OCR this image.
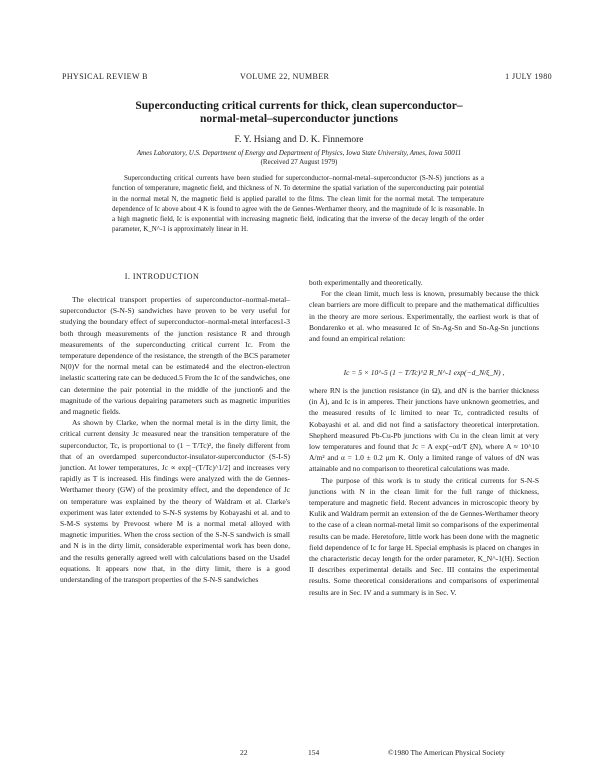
PHYSICAL REVIEW B	VOLUME 22, NUMBER	1 JULY 1980
Superconducting critical currents for thick, clean superconductor–
normal-metal–superconductor junctions
F. Y. Hsiang and D. K. Finnemore
Ames Laboratory, U.S. Department of Energy and Department of Physics, Iowa State University, Ames, Iowa 50011
(Received 27 August 1979)
Superconducting critical currents have been studied for superconductor–normal-metal–superconductor (S-N-S) junctions as a function of temperature, magnetic field, and thickness of N. To determine the spatial variation of the superconducting pair potential in the normal metal N, the magnetic field is applied parallel to the films. The clean limit for the normal metal. The temperature dependence of Ic above about 4 K is found to agree with the de Gennes-Werthamer theory, and the magnitude of Ic is reasonable. In a high magnetic field, Ic is exponential with increasing magnetic field, indicating that the inverse of the decay length of the order parameter, K_N^-1 is approximately linear in H.
I. INTRODUCTION

The electrical transport properties of superconductor–normal-metal–superconductor (S-N-S) sandwiches have proven to be very useful for studying the boundary effect of superconductor–normal-metal interfaces1-3 both through measurements of the junction resistance R and through measurements of the superconducting critical current Ic. From the temperature dependence of the resistance, the strength of the BCS parameter N(0)V for the normal metal can be estimated4 and the electron-electron inelastic scattering rate can be deduced.5 From the Ic of the sandwiches, one can determine the pair potential in the middle of the junction6 and the magnitude of the various depairing parameters such as magnetic impurities and magnetic fields.

As shown by Clarke, when the normal metal is in the dirty limit, the critical current density Jc measured near the transition temperature of the superconductor, Tc, is proportional to (1 − T/Tc)², the finely different from that of an overdamped superconductor-insulator-superconductor (S-I-S) junction. At lower temperatures, Jc ∝ exp[−(T/Tc)^1/2] and increases very rapidly as T is increased. His findings were analyzed with the de Gennes-Werthamer theory (GW) of the proximity effect, and the dependence of Jc on temperature was explained by the theory of Waldram et al. Clarke's experiment was later extended to S-N-S systems by Kobayashi et al. and to S-M-S systems by Prevoost where M is a normal metal alloyed with magnetic impurities. When the cross section of the S-N-S sandwich is small and N is in the dirty limit, considerable experimental work has been done, and the results generally agreed well with calculations based on the Usadel equations. It appears now that, in the dirty limit, there is a good understanding of the transport properties of the S-N-S sandwiches

both experimentally and theoretically.

For the clean limit, much less is known, presumably because the thick clean barriers are more difficult to prepare and the mathematical difficulties in the theory are more serious. Experimentally, the earliest work is that of Bondarenko et al. who measured Ic of Sn-Ag-Sn and Sn-Ag-Sn junctions and found an empirical relation:

Ic = 5 × 10^-5 (1 − T/Tc)^2 R_N^-1 exp(−d_N/ξ_N) ,

where RN is the junction resistance (in Ω), and dN is the barrier thickness (in Å), and Ic is in amperes. Their junctions have unknown geometries, and the measured results of Ic limited to near Tc, contradicted results of Kobayashi et al. and did not find a satisfactory theoretical interpretation. Shepherd measured Pb-Cu-Pb junctions with Cu in the clean limit at very low temperatures and found that Jc = A exp(−αd/T ξN), where A ≈ 10^10 A/m² and α = 1.0 ± 0.2 μm K. Only a limited range of values of dN was attainable and no comparison to theoretical calculations was made.

The purpose of this work is to study the critical currents for S-N-S junctions with N in the clean limit for the full range of thickness, temperature and magnetic field. Recent advances in microscopic theory by Kulik and Waldram permit an extension of the de Gennes-Werthamer theory to the case of a clean normal-metal limit so comparisons of the experimental results can be made. Heretofore, little work has been done with the magnetic field dependence of Ic for large H. Special emphasis is placed on changes in the characteristic decay length for the order parameter, K_N^-1(H). Section II describes experimental details and Sec. III contains the experimental results. Some theoretical considerations and comparisons of experimental results are in Sec. IV and a summary is in Sec. V.

22	154	©1980 The American Physical Society
